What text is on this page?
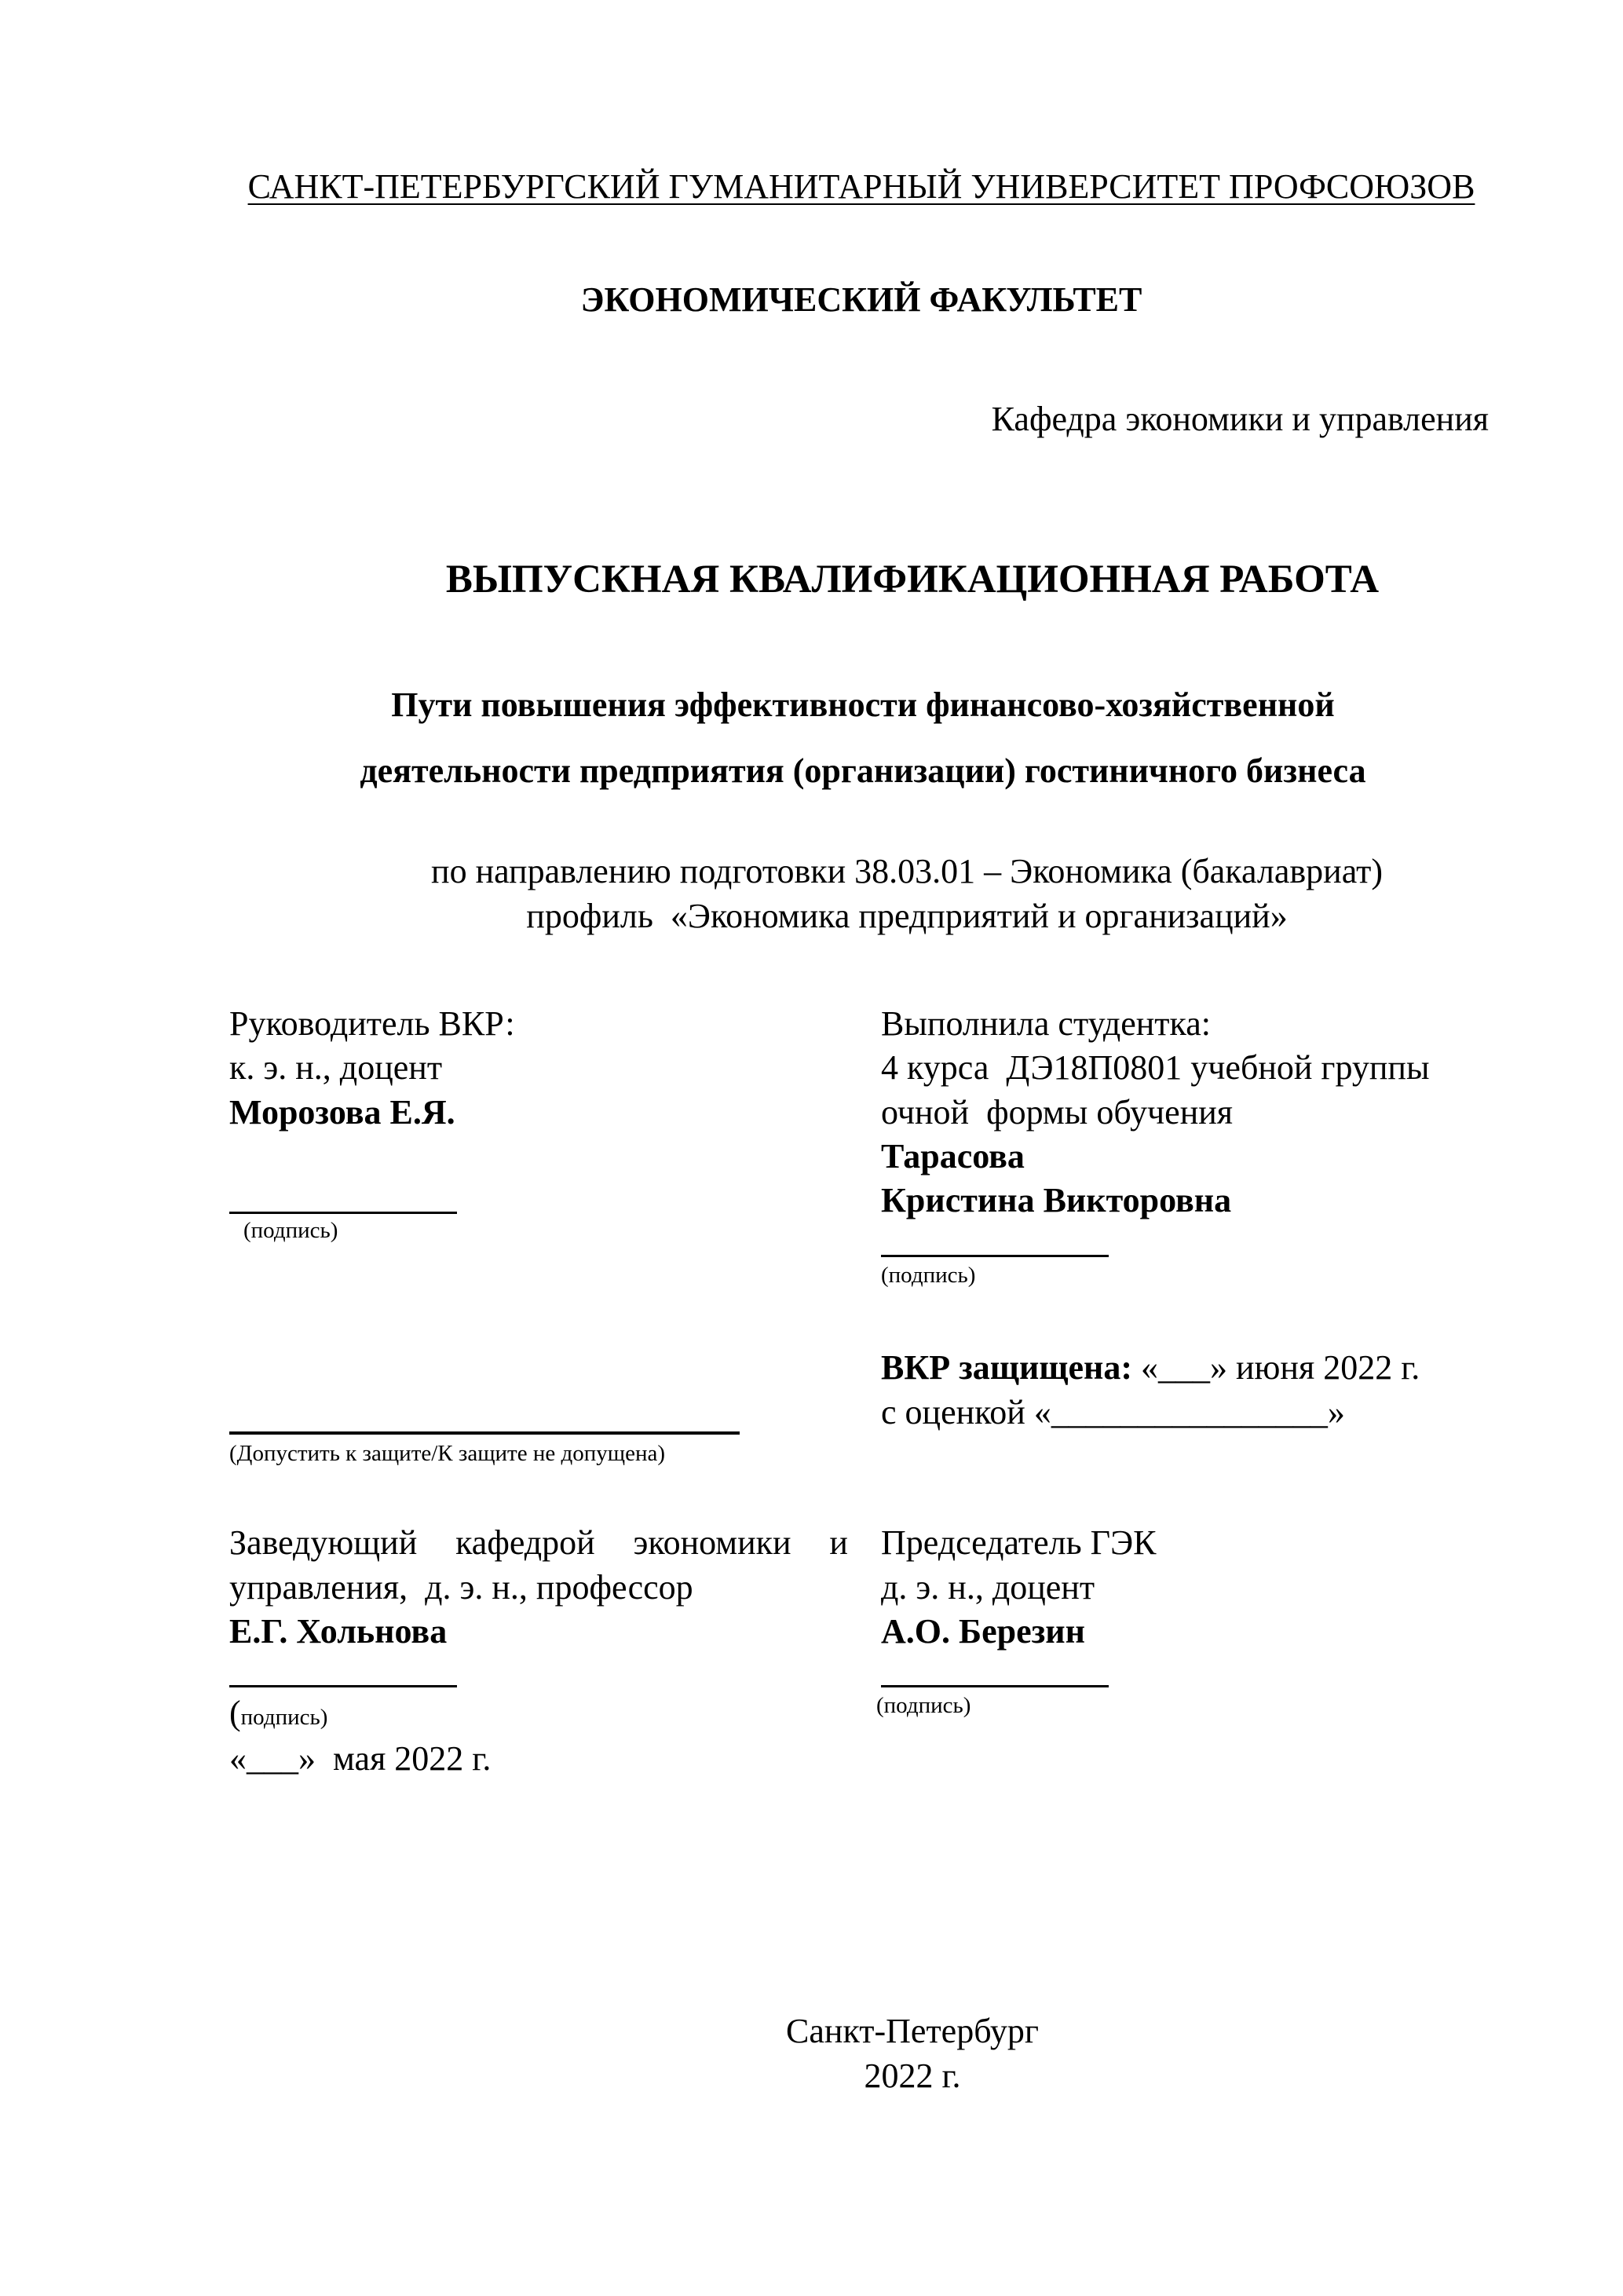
САНКТ-ПЕТЕРБУРГСКИЙ ГУМАНИТАРНЫЙ УНИВЕРСИТЕТ ПРОФСОЮЗОВ
ЭКОНОМИЧЕСКИЙ ФАКУЛЬТЕТ
Кафедра экономики и управления
ВЫПУСКНАЯ КВАЛИФИКАЦИОННАЯ РАБОТА
Пути повышения эффективности финансово-хозяйственной
деятельности предприятия (организации) гостиничного бизнеса
по направлению подготовки 38.03.01 – Экономика (бакалавриат)
профиль  «Экономика предприятий и организаций»
Руководитель ВКР:
к. э. н., доцент
Морозова Е.Я.
(подпись)
Выполнила студентка:
4 курса  ДЭ18П0801 учебной группы
очной  формы обучения
Тарасова
Кристина Викторовна
(подпись)
(Допустить к защите/К защите не допущена)
ВКР защищена: «___» июня 2022 г.
с оценкой «________________»
Заведующий кафедрой экономики и
управления,  д. э. н., профессор
Е.Г. Хольнова
(подпись)
«___»  мая 2022 г.
Председатель ГЭК
д. э. н., доцент
А.О. Березин
(подпись)
Санкт-Петербург
2022 г.
